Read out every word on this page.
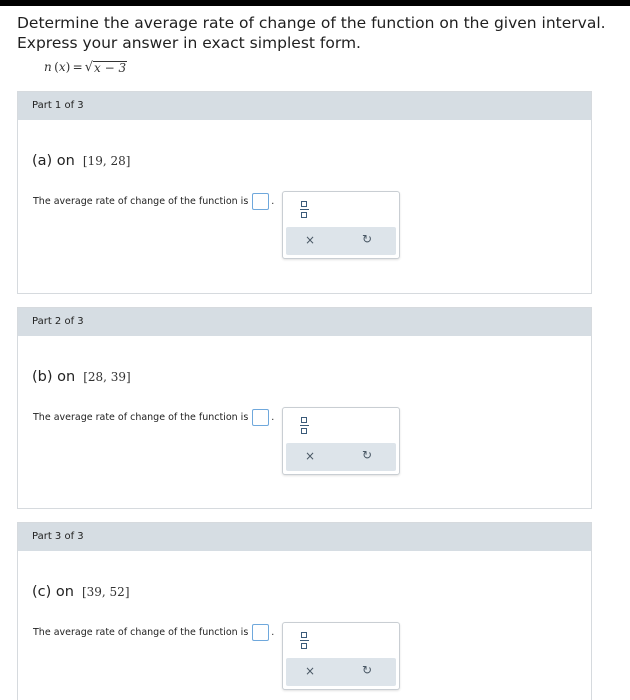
Determine the average rate of change of the function on the given interval.
Express your answer in exact simplest form.
n  ( x )  = √ x − 3
Part 1 of 3
(a) on [19, 28]
The average rate of change of the function is .
×	↻
Part 2 of 3
(b) on [28, 39]
The average rate of change of the function is .
×	↻
Part 3 of 3
(c) on [39, 52]
The average rate of change of the function is .
×	↻
